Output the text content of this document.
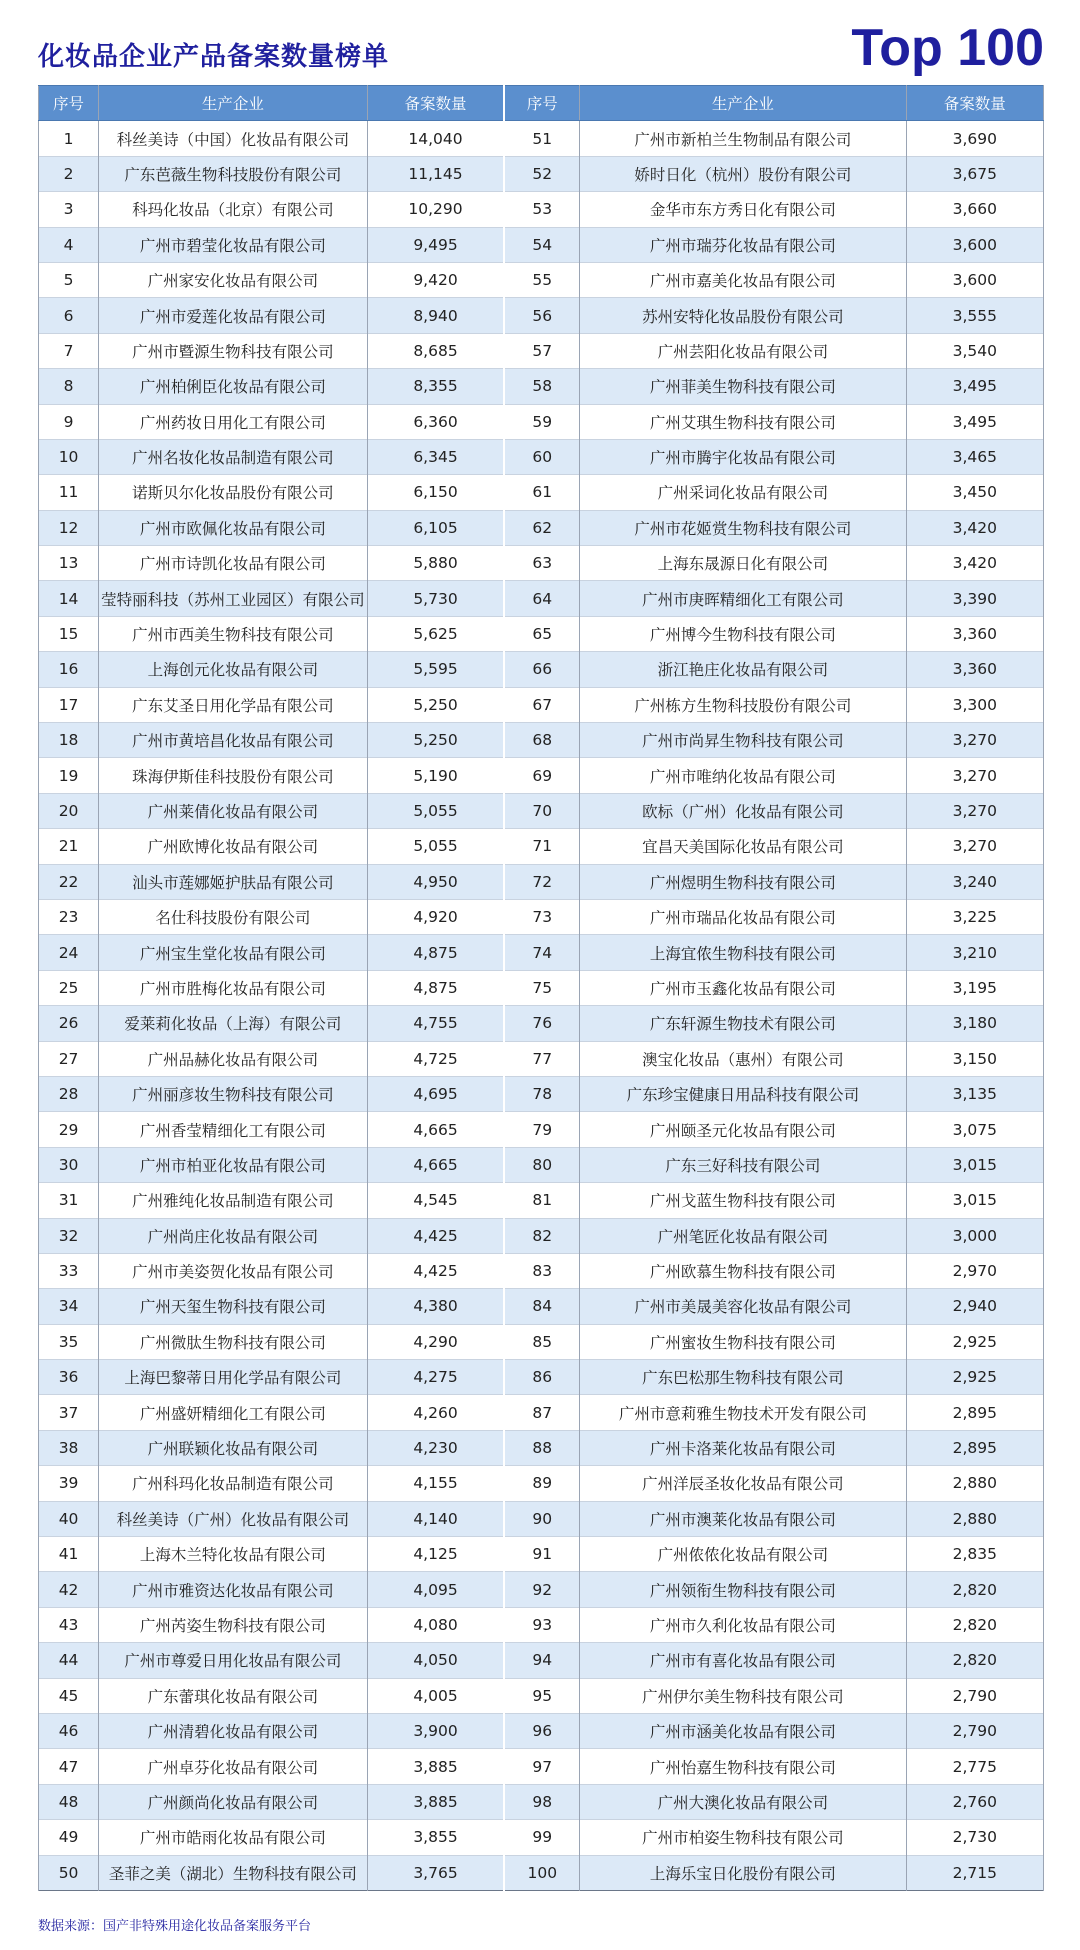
化妆品企业产品备案数量榜单	Top 100
序号	生产企业	备案数量	序号	生产企业	备案数量
1	科丝美诗（中国）化妆品有限公司	14,040	51	广州市新柏兰生物制品有限公司	3,690
2	广东芭薇生物科技股份有限公司	11,145	52	娇时日化（杭州）股份有限公司	3,675
3	科玛化妆品（北京）有限公司	10,290	53	金华市东方秀日化有限公司	3,660
4	广州市碧莹化妆品有限公司	9,495	54	广州市瑞芬化妆品有限公司	3,600
5	广州家安化妆品有限公司	9,420	55	广州市嘉美化妆品有限公司	3,600
6	广州市爱莲化妆品有限公司	8,940	56	苏州安特化妆品股份有限公司	3,555
7	广州市暨源生物科技有限公司	8,685	57	广州芸阳化妆品有限公司	3,540
8	广州柏俐臣化妆品有限公司	8,355	58	广州菲美生物科技有限公司	3,495
9	广州药妆日用化工有限公司	6,360	59	广州艾琪生物科技有限公司	3,495
10	广州名妆化妆品制造有限公司	6,345	60	广州市腾宇化妆品有限公司	3,465
11	诺斯贝尔化妆品股份有限公司	6,150	61	广州采词化妆品有限公司	3,450
12	广州市欧佩化妆品有限公司	6,105	62	广州市花姬赏生物科技有限公司	3,420
13	广州市诗凯化妆品有限公司	5,880	63	上海东晟源日化有限公司	3,420
14	莹特丽科技（苏州工业园区）有限公司	5,730	64	广州市庚晖精细化工有限公司	3,390
15	广州市西美生物科技有限公司	5,625	65	广州博今生物科技有限公司	3,360
16	上海创元化妆品有限公司	5,595	66	浙江艳庄化妆品有限公司	3,360
17	广东艾圣日用化学品有限公司	5,250	67	广州栋方生物科技股份有限公司	3,300
18	广州市黄培昌化妆品有限公司	5,250	68	广州市尚昇生物科技有限公司	3,270
19	珠海伊斯佳科技股份有限公司	5,190	69	广州市唯纳化妆品有限公司	3,270
20	广州莱倩化妆品有限公司	5,055	70	欧标（广州）化妆品有限公司	3,270
21	广州欧博化妆品有限公司	5,055	71	宜昌天美国际化妆品有限公司	3,270
22	汕头市莲娜姬护肤品有限公司	4,950	72	广州煜明生物科技有限公司	3,240
23	名仕科技股份有限公司	4,920	73	广州市瑞品化妆品有限公司	3,225
24	广州宝生堂化妆品有限公司	4,875	74	上海宜侬生物科技有限公司	3,210
25	广州市胜梅化妆品有限公司	4,875	75	广州市玉鑫化妆品有限公司	3,195
26	爱莱莉化妆品（上海）有限公司	4,755	76	广东轩源生物技术有限公司	3,180
27	广州品赫化妆品有限公司	4,725	77	澳宝化妆品（惠州）有限公司	3,150
28	广州丽彦妆生物科技有限公司	4,695	78	广东珍宝健康日用品科技有限公司	3,135
29	广州香莹精细化工有限公司	4,665	79	广州颐圣元化妆品有限公司	3,075
30	广州市柏亚化妆品有限公司	4,665	80	广东三好科技有限公司	3,015
31	广州雅纯化妆品制造有限公司	4,545	81	广州戈蓝生物科技有限公司	3,015
32	广州尚庄化妆品有限公司	4,425	82	广州笔匠化妆品有限公司	3,000
33	广州市美姿贺化妆品有限公司	4,425	83	广州欧慕生物科技有限公司	2,970
34	广州天玺生物科技有限公司	4,380	84	广州市美晟美容化妆品有限公司	2,940
35	广州微肽生物科技有限公司	4,290	85	广州蜜妆生物科技有限公司	2,925
36	上海巴黎蒂日用化学品有限公司	4,275	86	广东巴松那生物科技有限公司	2,925
37	广州盛妍精细化工有限公司	4,260	87	广州市意莉雅生物技术开发有限公司	2,895
38	广州联颖化妆品有限公司	4,230	88	广州卡洛莱化妆品有限公司	2,895
39	广州科玛化妆品制造有限公司	4,155	89	广州洋辰圣妆化妆品有限公司	2,880
40	科丝美诗（广州）化妆品有限公司	4,140	90	广州市澳莱化妆品有限公司	2,880
41	上海木兰特化妆品有限公司	4,125	91	广州侬侬化妆品有限公司	2,835
42	广州市雅资达化妆品有限公司	4,095	92	广州领衔生物科技有限公司	2,820
43	广州芮姿生物科技有限公司	4,080	93	广州市久利化妆品有限公司	2,820
44	广州市尊爱日用化妆品有限公司	4,050	94	广州市有喜化妆品有限公司	2,820
45	广东蕾琪化妆品有限公司	4,005	95	广州伊尔美生物科技有限公司	2,790
46	广州清碧化妆品有限公司	3,900	96	广州市涵美化妆品有限公司	2,790
47	广州卓芬化妆品有限公司	3,885	97	广州怡嘉生物科技有限公司	2,775
48	广州颜尚化妆品有限公司	3,885	98	广州大澳化妆品有限公司	2,760
49	广州市皓雨化妆品有限公司	3,855	99	广州市柏姿生物科技有限公司	2,730
50	圣菲之美（湖北）生物科技有限公司	3,765	100	上海乐宝日化股份有限公司	2,715
数据来源：国产非特殊用途化妆品备案服务平台
